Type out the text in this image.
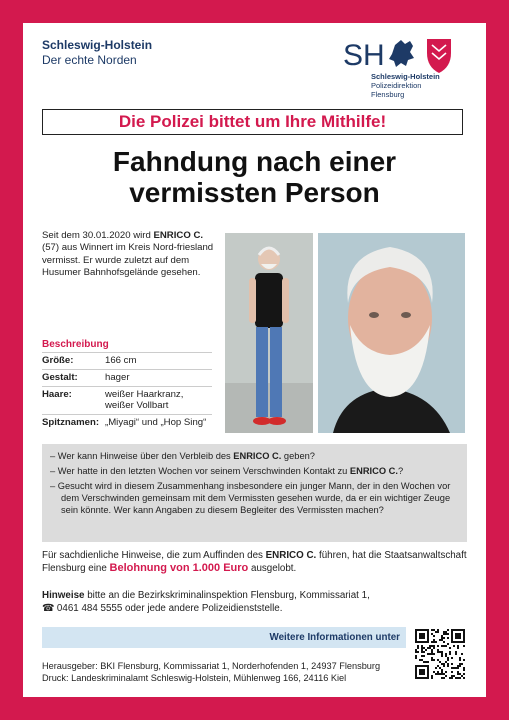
Schleswig-Holstein
Der echte Norden	SH
Schleswig-Holstein
Polizeidirektion
Flensburg
Die Polizei bittet um Ihre Mithilfe!
Fahndung nach einer
vermissten Person
Seit dem 30.01.2020 wird ENRICO C. (57) aus Winnert im Kreis Nord-friesland vermisst. Er wurde zuletzt auf dem Husumer Bahnhofsgelände gesehen.
Beschreibung
Größe:	166 cm
Gestalt:	hager
Haare:	weißer Haarkranz, weißer Vollbart
Spitznamen:	„Miyagi“ und „Hop Sing“
– Wer kann Hinweise über den Verbleib des ENRICO C. geben?
– Wer hatte in den letzten Wochen vor seinem Verschwinden Kontakt zu ENRICO C.?
– Gesucht wird in diesem Zusammenhang insbesondere ein junger Mann, der in den Wochen vor dem Verschwinden gemeinsam mit dem Vermissten gesehen wurde, da er ein wichtiger Zeuge sein könnte. Wer kann Angaben zu diesem Begleiter des Vermissten machen?
Für sachdienliche Hinweise, die zum Auffinden des ENRICO C. führen, hat die Staatsanwaltschaft Flensburg eine Belohnung von 1.000 Euro ausgelobt.
Hinweise bitte an die Bezirkskriminalinspektion Flensburg, Kommissariat 1,
☎ 0461 484 5555 oder jede andere Polizeidienststelle.
Weitere Informationen unter
Herausgeber: BKI Flensburg, Kommissariat 1, Norderhofenden 1, 24937 Flensburg
Druck: Landeskriminalamt Schleswig-Holstein, Mühlenweg 166, 24116 Kiel
